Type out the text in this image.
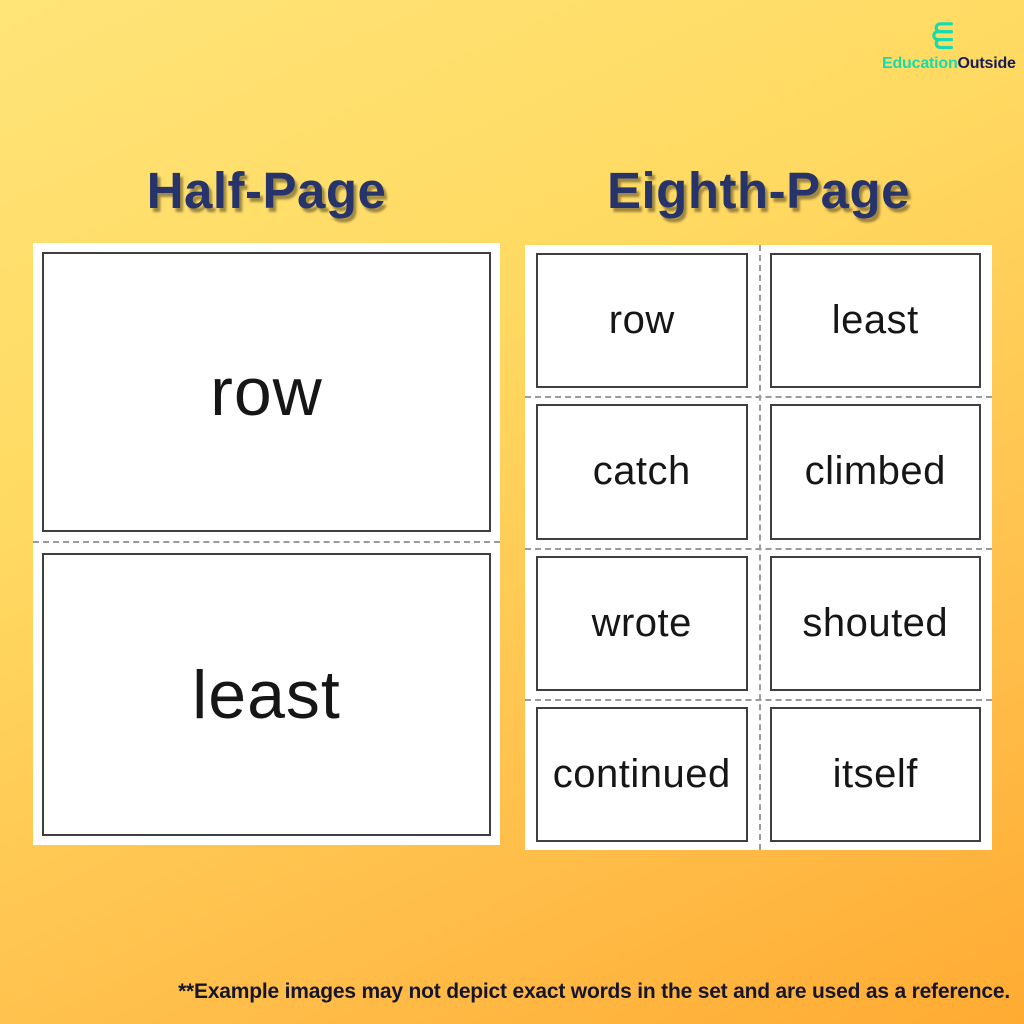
EducationOutside
Half-Page	Eighth-Page
row
least
row	least
catch	climbed
wrote	shouted
continued	itself
**Example images may not depict exact words in the set and are used as a reference.
